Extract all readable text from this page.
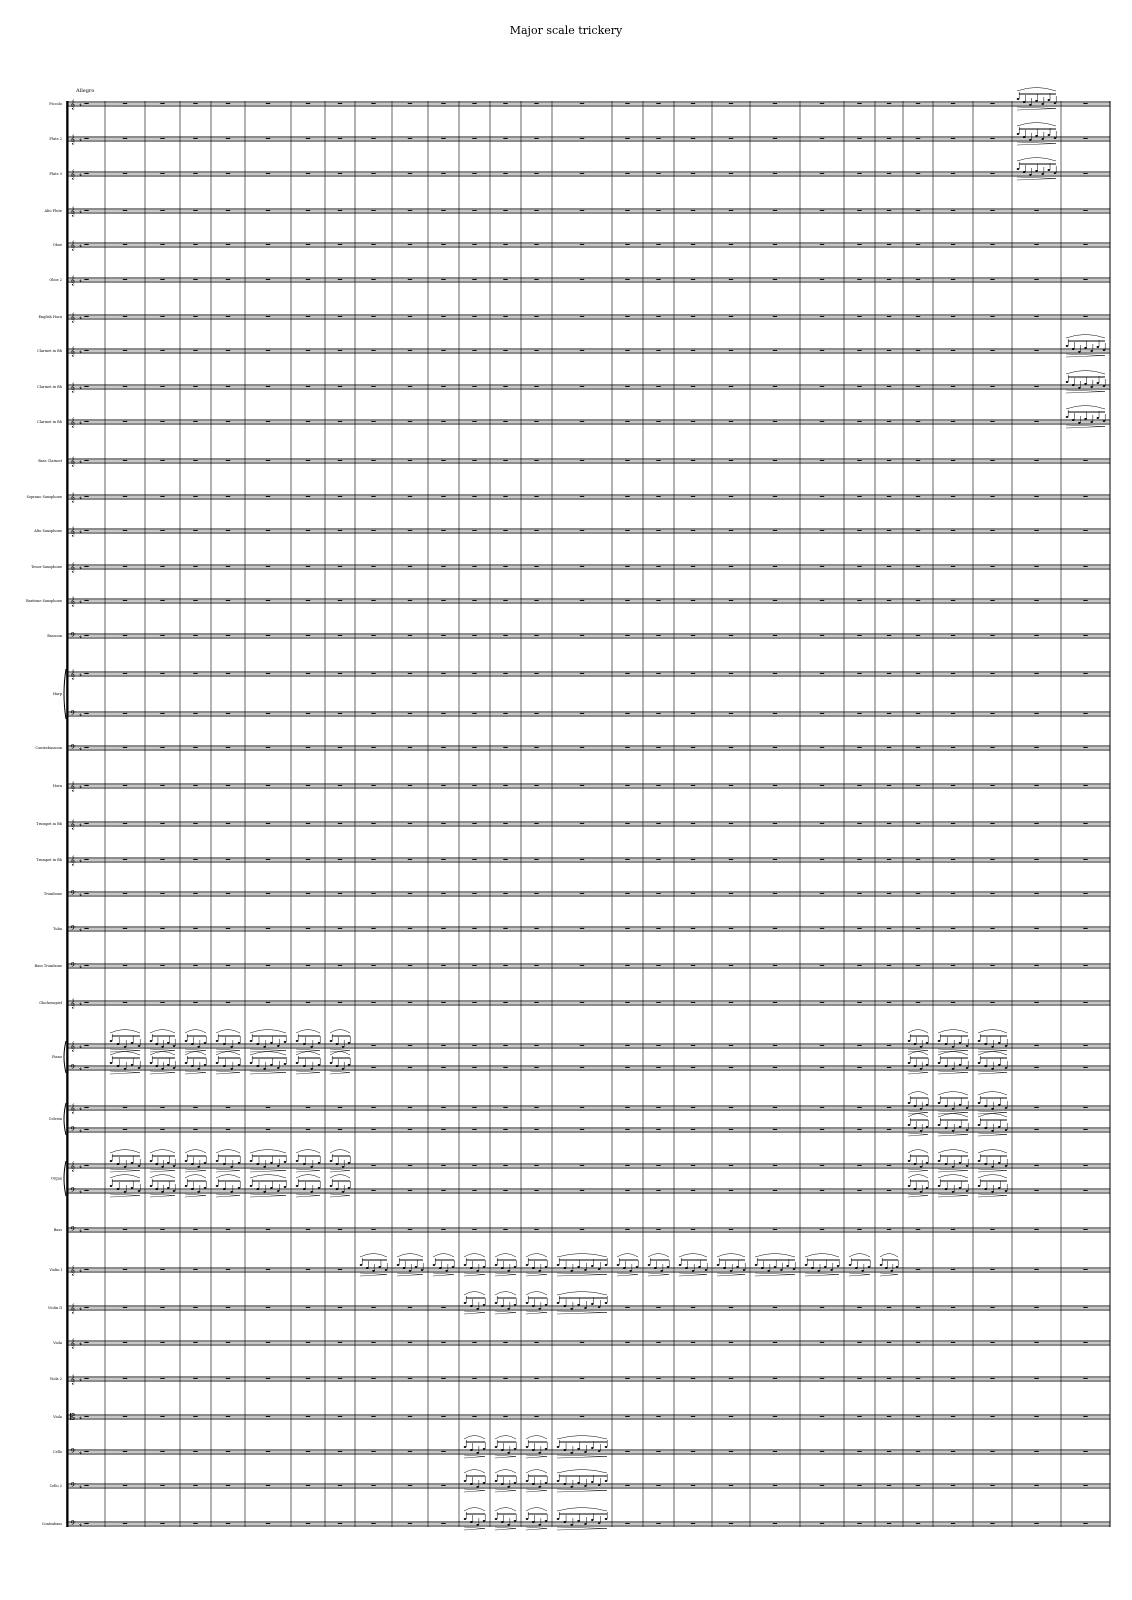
Major scale trickery
Allegro
𝄞 4
Piccolo
𝄞 4
Flute 2
𝄞 4
Flute 3
𝄞 4
Alto Flute
𝄞 4
Oboe
𝄞 4
Oboe 2
𝄞 4
English Horn
𝄞 4
Clarinet in Bb
𝄞 4
Clarinet in Bb
𝄞 4
Clarinet in Bb
𝄞 4
Bass Clarinet
𝄞 4
Soprano Saxophone
𝄞 4
Alto Saxophone
𝄞 4
Tenor Saxophone
𝄞 4
Baritone Saxophone
𝄢 4
Bassoon
𝄞 4
𝄢 4
Harp
𝄢 4
Contrabassoon
𝄞 4
Horn
𝄞 4
Trumpet in Bb
𝄞 4
Trumpet in Bb
𝄢 4
Trombone
𝄢 4
Tuba
𝄢 4
Bass Trombone
𝄞 4
Glockenspiel
𝄞 4
𝄢 4
Piano
𝄞 4
𝄢 4
Celesta
𝄞 4
𝄢 4
Organ
𝄢 4
Bass
𝄞 4
Violin I
𝄞 4
Violin II
𝄞 4
Viola
𝄞 4
Viola 2
𝄡 4
Viola
𝄢 4
Cello
𝄢 4
Cello 2
𝄢 4
Contrabass
